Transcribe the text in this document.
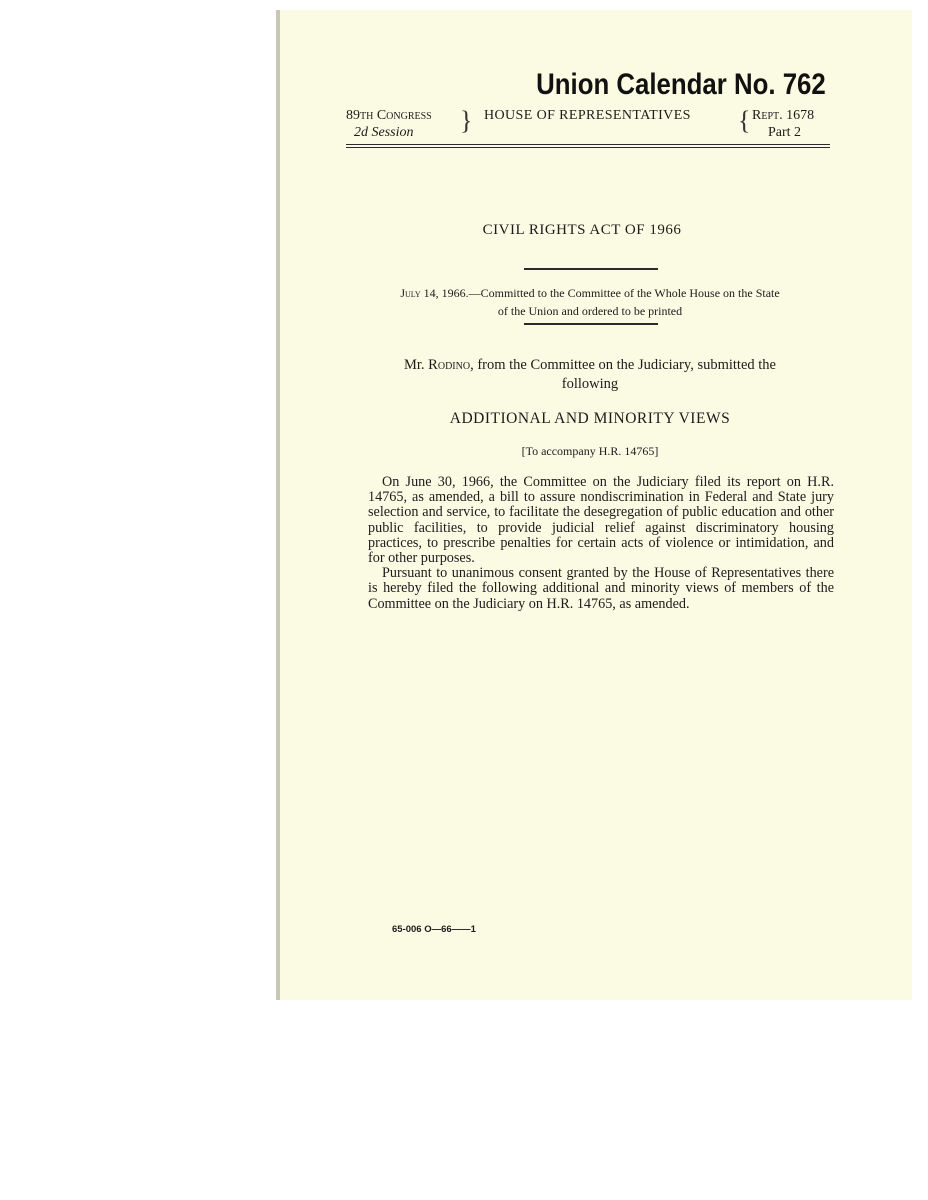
Union Calendar No. 762
89th Congress
2d Session } HOUSE OF REPRESENTATIVES { Rept. 1678
Part 2
CIVIL RIGHTS ACT OF 1966
July 14, 1966.—Committed to the Committee of the Whole House on the State
of the Union and ordered to be printed
Mr. Rodino, from the Committee on the Judiciary, submitted the
following
ADDITIONAL AND MINORITY VIEWS
[To accompany H.R. 14765]

On June 30, 1966, the Committee on the Judiciary filed its report on H.R. 14765, as amended, a bill to assure nondiscrimination in Federal and State jury selection and service, to facilitate the desegregation of public education and other public facilities, to provide judicial relief against discriminatory housing practices, to prescribe penalties for certain acts of violence or intimidation, and for other purposes.

Pursuant to unanimous consent granted by the House of Representatives there is hereby filed the following additional and minority views of members of the Committee on the Judiciary on H.R. 14765, as amended.

65-006 O—66——1
